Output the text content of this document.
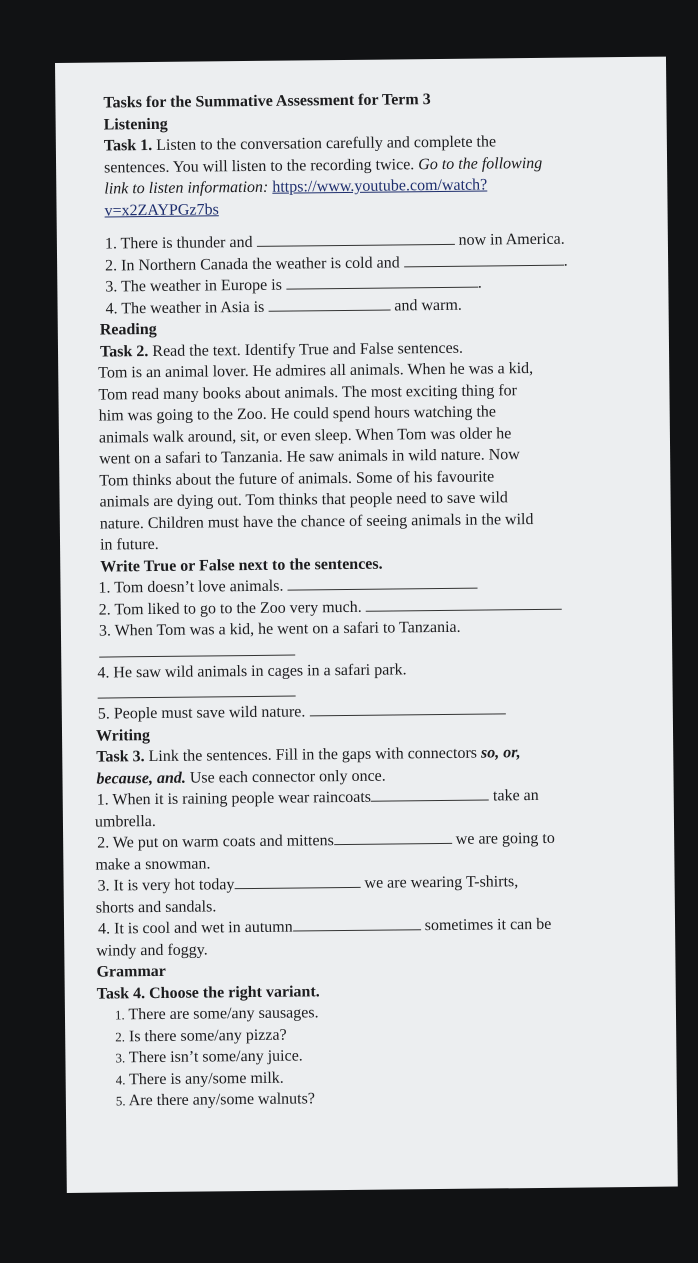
Tasks for the Summative Assessment for Term 3
Listening
Task 1. Listen to the conversation carefully and complete the
sentences. You will listen to the recording twice. Go to the following
link to listen information: https://www.youtube.com/watch?
v=x2ZAYPGz7bs
1. There is thunder and	now in America.
2. In Northern Canada the weather is cold and	.
3. The weather in Europe is	.
4. The weather in Asia is	and warm.
Reading
Task 2. Read the text. Identify True and False sentences.
Tom is an animal lover. He admires all animals. When he was a kid,
Tom read many books about animals. The most exciting thing for
him was going to the Zoo. He could spend hours watching the
animals walk around, sit, or even sleep. When Tom was older he
went on a safari to Tanzania. He saw animals in wild nature. Now
Tom thinks about the future of animals. Some of his favourite
animals are dying out. Tom thinks that people need to save wild
nature. Children must have the chance of seeing animals in the wild
in future.
Write True or False next to the sentences.
1. Tom doesn’t love animals.
2. Tom liked to go to the Zoo very much.
3. When Tom was a kid, he went on a safari to Tanzania.
4. He saw wild animals in cages in a safari park.
5. People must save wild nature.
Writing
Task 3. Link the sentences. Fill in the gaps with connectors so, or,
because, and. Use each connector only once.
1. When it is raining people wear raincoats	take an
umbrella.
2. We put on warm coats and mittens	we are going to
make a snowman.
3. It is very hot today	we are wearing T-shirts,
shorts and sandals.
4. It is cool and wet in autumn	sometimes it can be
windy and foggy.
Grammar
Task 4. Choose the right variant.
1. There are some/any sausages.
2. Is there some/any pizza?
3. There isn’t some/any juice.
4. There is any/some milk.
5. Are there any/some walnuts?
